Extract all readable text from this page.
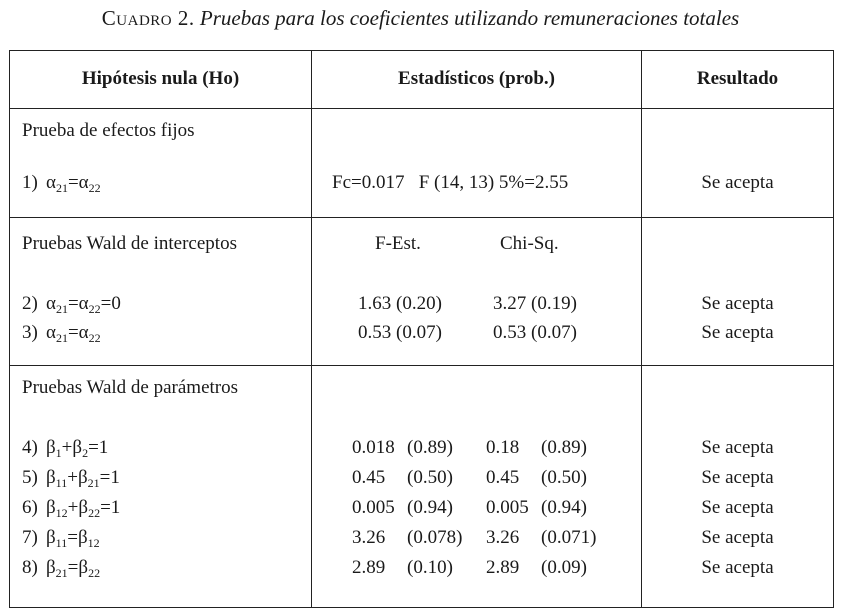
Cuadro 2. Pruebas para los coeficientes utilizando remuneraciones totales
Hipótesis nula (Ho)	Estadísticos (prob.)	Resultado
Prueba de efectos fijos
1) $\alpha_{21}=\alpha_{22}$	Fc=0.017   F (14, 13) 5%=2.55	Se acepta
Pruebas Wald de interceptos	F-Est.	Chi-Sq.
2) $\alpha_{21}=\alpha_{22}=0$	1.63 (0.20)	3.27 (0.19)	Se acepta
3) $\alpha_{21}=\alpha_{22}$	0.53 (0.07)	0.53 (0.07)	Se acepta
Pruebas Wald de parámetros
4) $\beta_1+\beta_2=1$	0.018 (0.89) 0.18 (0.89)	Se acepta
5) $\beta_{11}+\beta_{21}=1$	0.45 (0.50) 0.45 (0.50)	Se acepta
6) $\beta_{12}+\beta_{22}=1$	0.005 (0.94) 0.005 (0.94)	Se acepta
7) $\beta_{11}=\beta_{12}$	3.26 (0.078) 3.26 (0.071)	Se acepta
8) $\beta_{21}=\beta_{22}$	2.89 (0.10) 2.89 (0.09)	Se acepta
